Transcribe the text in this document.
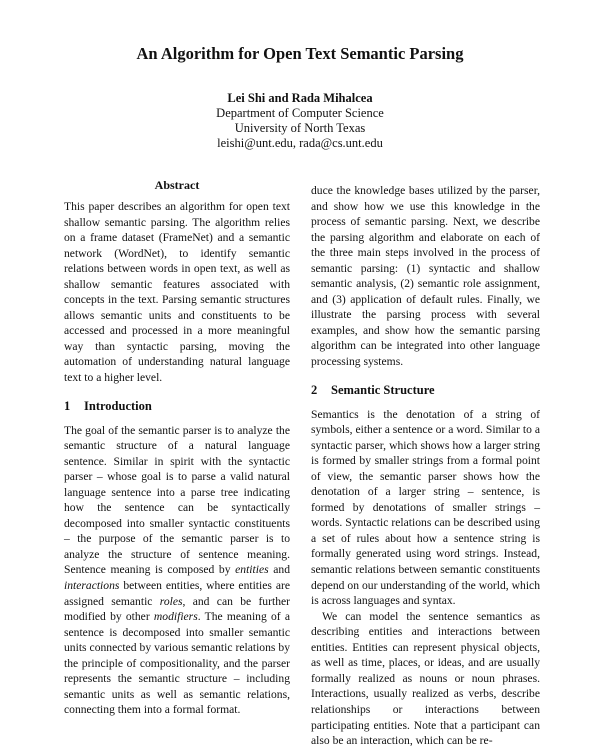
An Algorithm for Open Text Semantic Parsing
Lei Shi and Rada Mihalcea
Department of Computer Science
University of North Texas
leishi@unt.edu, rada@cs.unt.edu
Abstract

This paper describes an algorithm for open text shallow semantic parsing. The algorithm relies on a frame dataset (FrameNet) and a semantic network (WordNet), to identify semantic relations between words in open text, as well as shallow semantic features associated with concepts in the text. Parsing semantic structures allows semantic units and constituents to be accessed and processed in a more meaningful way than syntactic parsing, moving the automation of understanding natural language text to a higher level.

1 Introduction

The goal of the semantic parser is to analyze the semantic structure of a natural language sentence. Similar in spirit with the syntactic parser – whose goal is to parse a valid natural language sentence into a parse tree indicating how the sentence can be syntactically decomposed into smaller syntactic constituents – the purpose of the semantic parser is to analyze the structure of sentence meaning. Sentence meaning is composed by entities and interactions between entities, where entities are assigned semantic roles, and can be further modified by other modifiers. The meaning of a sentence is decomposed into smaller semantic units connected by various semantic relations by the principle of compositionality, and the parser represents the semantic structure – including semantic units as well as semantic relations, connecting them into a formal format.

duce the knowledge bases utilized by the parser, and show how we use this knowledge in the process of semantic parsing. Next, we describe the parsing algorithm and elaborate on each of the three main steps involved in the process of semantic parsing: (1) syntactic and shallow semantic analysis, (2) semantic role assignment, and (3) application of default rules. Finally, we illustrate the parsing process with several examples, and show how the semantic parsing algorithm can be integrated into other language processing systems.

2 Semantic Structure

Semantics is the denotation of a string of symbols, either a sentence or a word. Similar to a syntactic parser, which shows how a larger string is formed by smaller strings from a formal point of view, the semantic parser shows how the denotation of a larger string – sentence, is formed by denotations of smaller strings – words. Syntactic relations can be described using a set of rules about how a sentence string is formally generated using word strings. Instead, semantic relations between semantic constituents depend on our understanding of the world, which is across languages and syntax.

We can model the sentence semantics as describing entities and interactions between entities. Entities can represent physical objects, as well as time, places, or ideas, and are usually formally realized as nouns or noun phrases. Interactions, usually realized as verbs, describe relationships or interactions between participating entities. Note that a participant can also be an interaction, which can be re-
